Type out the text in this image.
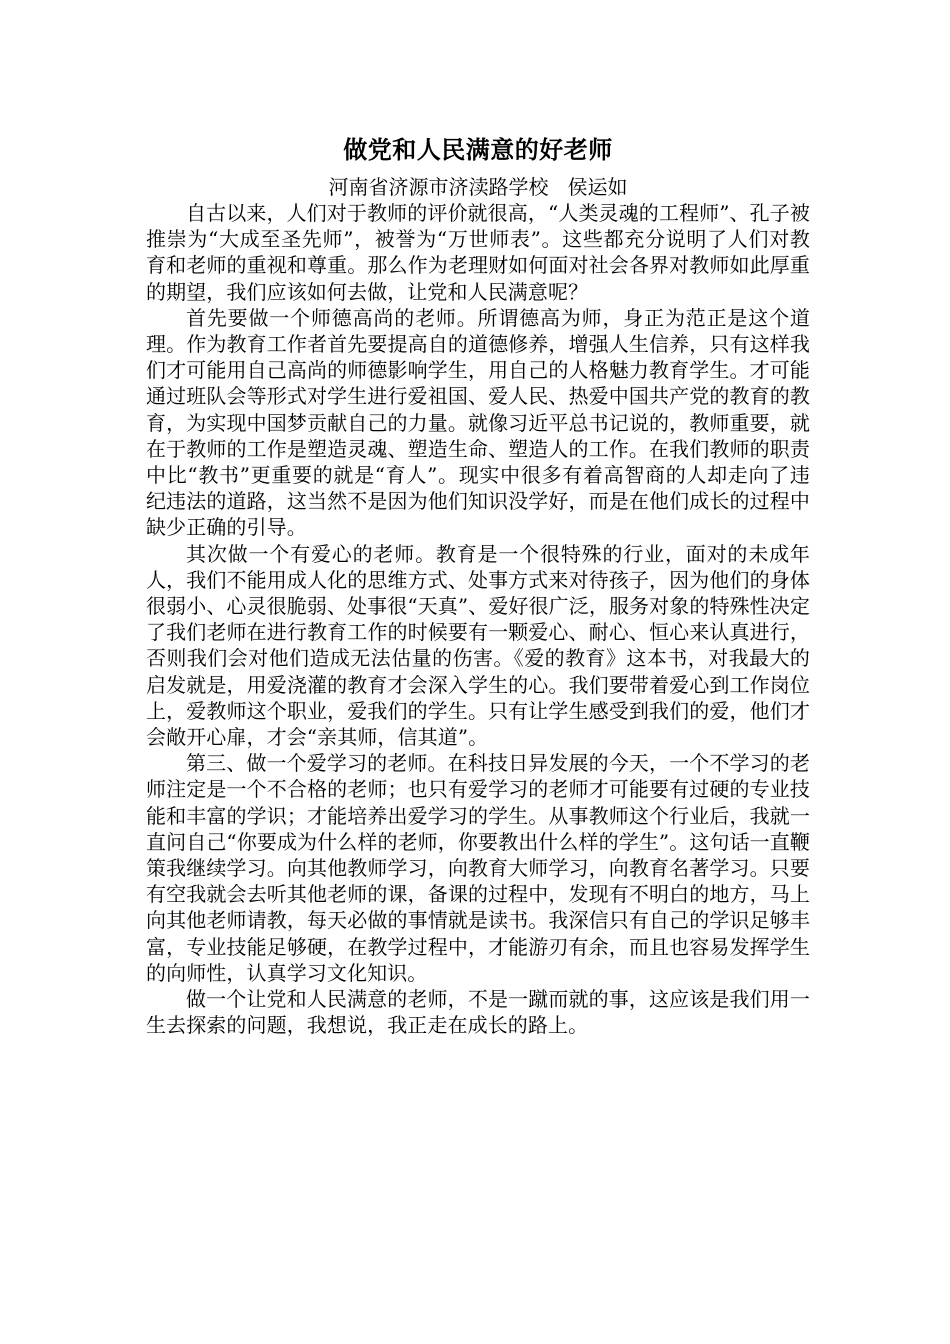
做党和人民满意的好老师

河南省济源市济渎路学校   侯运如

自古以来，人们对于教师的评价就很高，“人类灵魂的工程师”、孔子被推崇为“大成至圣先师”，被誉为“万世师表”。这些都充分说明了人们对教育和老师的重视和尊重。那么作为老理财如何面对社会各界对教师如此厚重的期望，我们应该如何去做，让党和人民满意呢？

首先要做一个师德高尚的老师。所谓德高为师，身正为范正是这个道理。作为教育工作者首先要提高自的道德修养，增强人生信养，只有这样我们才可能用自己高尚的师德影响学生，用自己的人格魅力教育学生。才可能通过班队会等形式对学生进行爱祖国、爱人民、热爱中国共产党的教育的教育，为实现中国梦贡献自己的力量。就像习近平总书记说的，教师重要，就在于教师的工作是塑造灵魂、塑造生命、塑造人的工作。在我们教师的职责中比“教书”更重要的就是“育人”。现实中很多有着高智商的人却走向了违纪违法的道路，这当然不是因为他们知识没学好，而是在他们成长的过程中缺少正确的引导。

其次做一个有爱心的老师。教育是一个很特殊的行业，面对的未成年人，我们不能用成人化的思维方式、处事方式来对待孩子，因为他们的身体很弱小、心灵很脆弱、处事很“天真”、爱好很广泛，服务对象的特殊性决定了我们老师在进行教育工作的时候要有一颗爱心、耐心、恒心来认真进行，否则我们会对他们造成无法估量的伤害。《爱的教育》这本书，对我最大的启发就是，用爱浇灌的教育才会深入学生的心。我们要带着爱心到工作岗位上，爱教师这个职业，爱我们的学生。只有让学生感受到我们的爱，他们才会敞开心扉，才会“亲其师，信其道”。

第三、做一个爱学习的老师。在科技日异发展的今天，一个不学习的老师注定是一个不合格的老师；也只有爱学习的老师才可能要有过硬的专业技能和丰富的学识；才能培养出爱学习的学生。从事教师这个行业后，我就一直问自己“你要成为什么样的老师，你要教出什么样的学生”。这句话一直鞭策我继续学习。向其他教师学习，向教育大师学习，向教育名著学习。只要有空我就会去听其他老师的课，备课的过程中，发现有不明白的地方，马上向其他老师请教，每天必做的事情就是读书。我深信只有自己的学识足够丰富，专业技能足够硬，在教学过程中，才能游刃有余，而且也容易发挥学生的向师性，认真学习文化知识。

做一个让党和人民满意的老师，不是一蹴而就的事，这应该是我们用一生去探索的问题，我想说，我正走在成长的路上。
